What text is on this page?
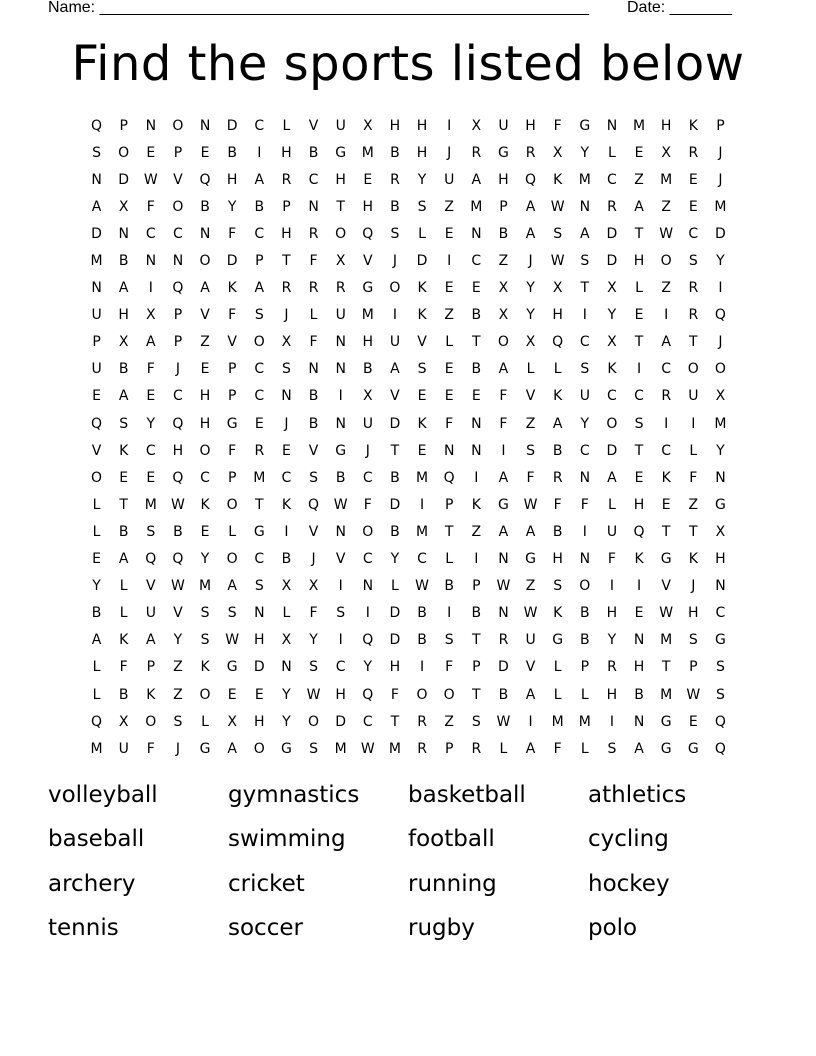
Name: _______________________________________________________ Date: _______
Find the sports listed below
Q	P	N	O	N	D	C	L	V	U	X	H	H	I	X	U	H	F	G	N	M	H	K	P
S	O	E	P	E	B	I	H	B	G	M	B	H	J	R	G	R	X	Y	L	E	X	R	J
N	D	W	V	Q	H	A	R	C	H	E	R	Y	U	A	H	Q	K	M	C	Z	M	E	J
A	X	F	O	B	Y	B	P	N	T	H	B	S	Z	M	P	A	W	N	R	A	Z	E	M
D	N	C	C	N	F	C	H	R	O	Q	S	L	E	N	B	A	S	A	D	T	W	C	D
M	B	N	N	O	D	P	T	F	X	V	J	D	I	C	Z	J	W	S	D	H	O	S	Y
N	A	I	Q	A	K	A	R	R	R	G	O	K	E	E	X	Y	X	T	X	L	Z	R	I
U	H	X	P	V	F	S	J	L	U	M	I	K	Z	B	X	Y	H	I	Y	E	I	R	Q
P	X	A	P	Z	V	O	X	F	N	H	U	V	L	T	O	X	Q	C	X	T	A	T	J
U	B	F	J	E	P	C	S	N	N	B	A	S	E	B	A	L	L	S	K	I	C	O	O
E	A	E	C	H	P	C	N	B	I	X	V	E	E	E	F	V	K	U	C	C	R	U	X
Q	S	Y	Q	H	G	E	J	B	N	U	D	K	F	N	F	Z	A	Y	O	S	I	I	M
V	K	C	H	O	F	R	E	V	G	J	T	E	N	N	I	S	B	C	D	T	C	L	Y
O	E	E	Q	C	P	M	C	S	B	C	B	M	Q	I	A	F	R	N	A	E	K	F	N
L	T	M	W	K	O	T	K	Q	W	F	D	I	P	K	G	W	F	F	L	H	E	Z	G
L	B	S	B	E	L	G	I	V	N	O	B	M	T	Z	A	A	B	I	U	Q	T	T	X
E	A	Q	Q	Y	O	C	B	J	V	C	Y	C	L	I	N	G	H	N	F	K	G	K	H
Y	L	V	W	M	A	S	X	X	I	N	L	W	B	P	W	Z	S	O	I	I	V	J	N
B	L	U	V	S	S	N	L	F	S	I	D	B	I	B	N	W	K	B	H	E	W	H	C
A	K	A	Y	S	W	H	X	Y	I	Q	D	B	S	T	R	U	G	B	Y	N	M	S	G
L	F	P	Z	K	G	D	N	S	C	Y	H	I	F	P	D	V	L	P	R	H	T	P	S
L	B	K	Z	O	E	E	Y	W	H	Q	F	O	O	T	B	A	L	L	H	B	M	W	S
Q	X	O	S	L	X	H	Y	O	D	C	T	R	Z	S	W	I	M	M	I	N	G	E	Q
M	U	F	J	G	A	O	G	S	M	W	M	R	P	R	L	A	F	L	S	A	G	G	Q
volleyball	gymnastics	basketball	athletics
baseball	swimming	football	cycling
archery	cricket	running	hockey
tennis	soccer	rugby	polo
